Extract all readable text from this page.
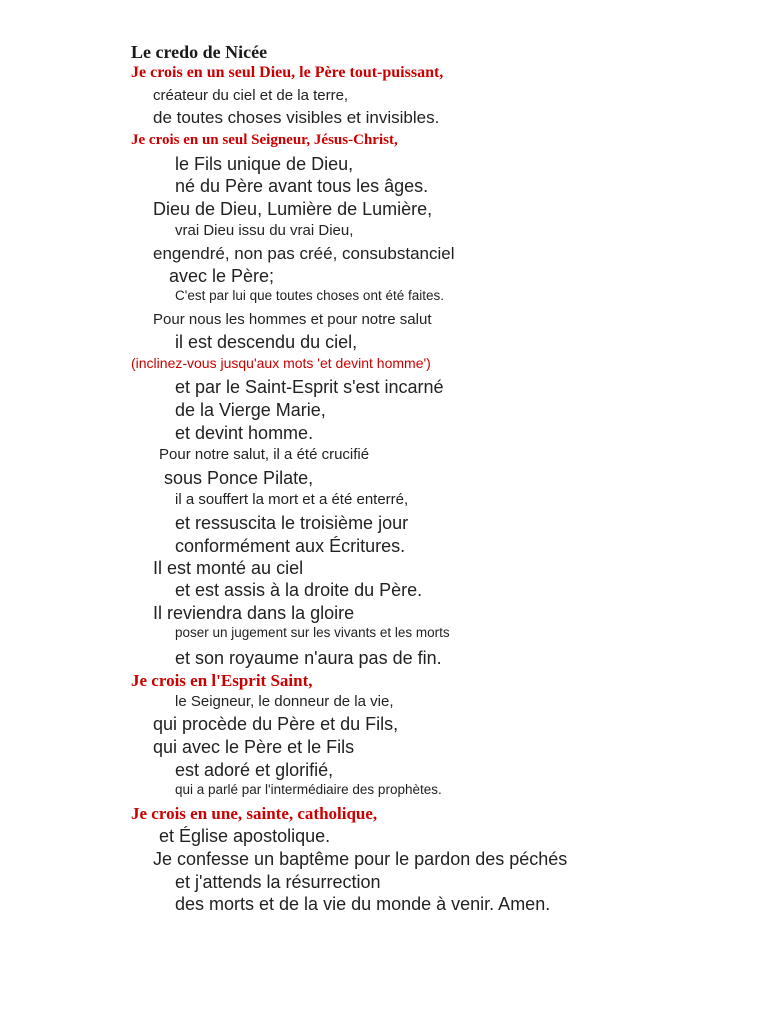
Le credo de Nicée
Je crois en un seul Dieu, le Père tout-puissant,
créateur du ciel et de la terre,
de toutes choses visibles et invisibles.
Je crois en un seul Seigneur, Jésus-Christ,
le Fils unique de Dieu,
né du Père avant tous les âges.
Dieu de Dieu, Lumière de Lumière,
vrai Dieu issu du vrai Dieu,
engendré, non pas créé, consubstanciel
avec le Père;
C'est par lui que toutes choses ont été faites.
Pour nous les hommes et pour notre salut
il est descendu du ciel,
(inclinez-vous jusqu'aux mots 'et devint homme')
et par le Saint-Esprit s'est incarné
de la Vierge Marie,
et devint homme.
Pour notre salut, il a été crucifié
sous Ponce Pilate,
il a souffert la mort et a été enterré,
et ressuscita le troisième jour
conformément aux Écritures.
Il est monté au ciel
et est assis à la droite du Père.
Il reviendra dans la gloire
poser un jugement sur les vivants et les morts
et son royaume n'aura pas de fin.
Je crois en l'Esprit Saint,
le Seigneur, le donneur de la vie,
qui procède du Père et du Fils,
qui avec le Père et le Fils
est adoré et glorifié,
qui a parlé par l'intermédiaire des prophètes.
Je crois en une, sainte, catholique,
et Église apostolique.
Je confesse un baptême pour le pardon des péchés
et j'attends la résurrection
des morts et de la vie du monde à venir. Amen.
